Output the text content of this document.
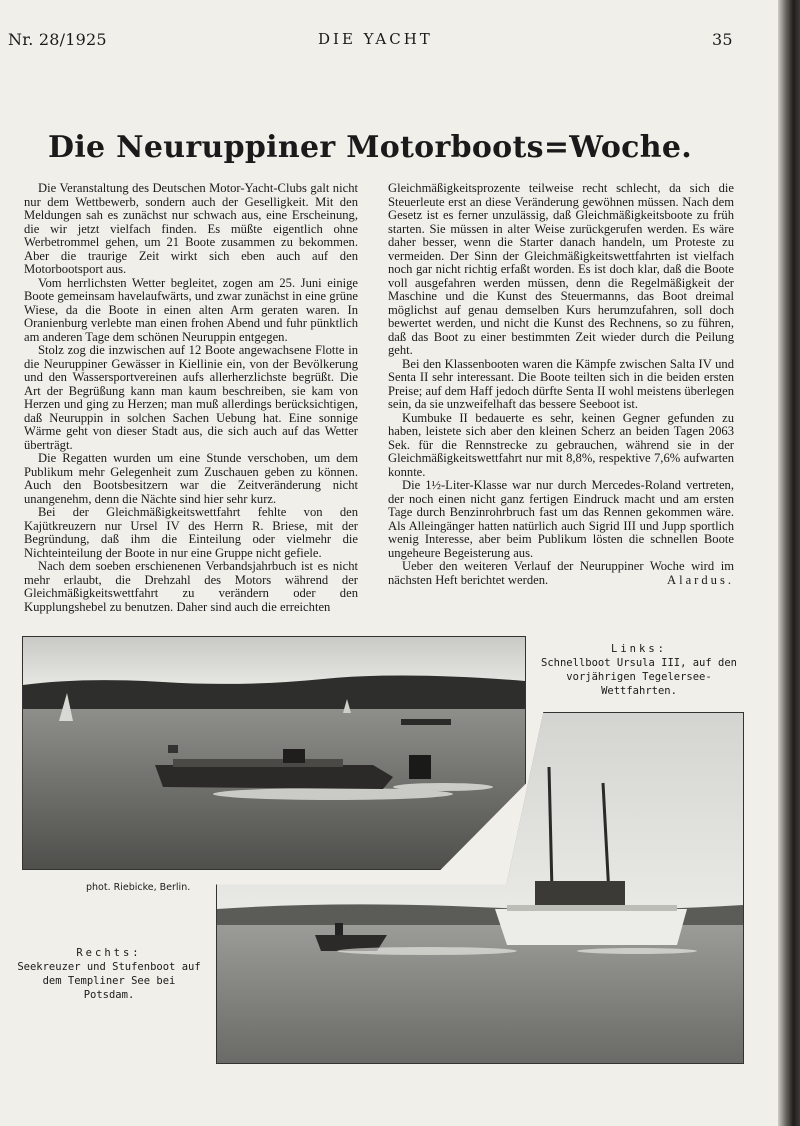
Nr. 28/1925	DIE YACHT	35
Die Neuruppiner Motorboots=Woche.

Die Veranstaltung des Deutschen Motor-Yacht-Clubs galt nicht nur dem Wettbewerb, sondern auch der Geselligkeit. Mit den Meldungen sah es zunächst nur schwach aus, eine Erscheinung, die wir jetzt vielfach finden. Es müßte eigentlich ohne Werbetrommel gehen, um 21 Boote zusammen zu bekommen. Aber die traurige Zeit wirkt sich eben auch auf den Motorbootsport aus.

Vom herrlichsten Wetter begleitet, zogen am 25. Juni einige Boote gemeinsam havelaufwärts, und zwar zunächst in eine grüne Wiese, da die Boote in einen alten Arm geraten waren. In Oranienburg verlebte man einen frohen Abend und fuhr pünktlich am anderen Tage dem schönen Neuruppin entgegen.

Stolz zog die inzwischen auf 12 Boote angewachsene Flotte in die Neuruppiner Gewässer in Kiellinie ein, von der Bevölkerung und den Wassersportvereinen aufs allerherzlichste begrüßt. Die Art der Begrüßung kann man kaum beschreiben, sie kam von Herzen und ging zu Herzen; man muß allerdings berücksichtigen, daß Neuruppin in solchen Sachen Uebung hat. Eine sonnige Wärme geht von dieser Stadt aus, die sich auch auf das Wetter überträgt.

Die Regatten wurden um eine Stunde verschoben, um dem Publikum mehr Gelegenheit zum Zuschauen geben zu können. Auch den Bootsbesitzern war die Zeitveränderung nicht unangenehm, denn die Nächte sind hier sehr kurz.

Bei der Gleichmäßigkeitswettfahrt fehlte von den Kajütkreuzern nur Ursel IV des Herrn R. Briese, mit der Begründung, daß ihm die Einteilung oder vielmehr die Nichteinteilung der Boote in nur eine Gruppe nicht gefiele.

Nach dem soeben erschienenen Verbandsjahrbuch ist es nicht mehr erlaubt, die Drehzahl des Motors während der Gleichmäßigkeitswettfahrt zu verändern oder den Kupplungshebel zu benutzen. Daher sind auch die erreichten

Gleichmäßigkeitsprozente teilweise recht schlecht, da sich die Steuerleute erst an diese Veränderung gewöhnen müssen. Nach dem Gesetz ist es ferner unzulässig, daß Gleichmäßigkeitsboote zu früh starten. Sie müssen in alter Weise zurückgerufen werden. Es wäre daher besser, wenn die Starter danach handeln, um Proteste zu vermeiden. Der Sinn der Gleichmäßigkeitswettfahrten ist vielfach noch gar nicht richtig erfaßt worden. Es ist doch klar, daß die Boote voll ausgefahren werden müssen, denn die Regelmäßigkeit der Maschine und die Kunst des Steuermanns, das Boot dreimal möglichst auf genau demselben Kurs herumzufahren, soll doch bewertet werden, und nicht die Kunst des Rechnens, so zu führen, daß das Boot zu einer bestimmten Zeit wieder durch die Peilung geht.

Bei den Klassenbooten waren die Kämpfe zwischen Salta IV und Senta II sehr interessant. Die Boote teilten sich in die beiden ersten Preise; auf dem Haff jedoch dürfte Senta II wohl meistens überlegen sein, da sie unzweifelhaft das bessere Seeboot ist.

Kumbuke II bedauerte es sehr, keinen Gegner gefunden zu haben, leistete sich aber den kleinen Scherz an beiden Tagen 2063 Sek. für die Rennstrecke zu gebrauchen, während sie in der Gleichmäßigkeitswettfahrt nur mit 8,8%, respektive 7,6% aufwarten konnte.

Die 1½-Liter-Klasse war nur durch Mercedes-Roland vertreten, der noch einen nicht ganz fertigen Eindruck macht und am ersten Tage durch Benzinrohrbruch fast um das Rennen gekommen wäre. Als Alleingänger hatten natürlich auch Sigrid III und Jupp sportlich wenig Interesse, aber beim Publikum lösten die schnellen Boote ungeheure Begeisterung aus.

Ueber den weiteren Verlauf der Neuruppiner Woche wird im nächsten Heft berichtet werden.	Alardus.

Links:
Schnellboot Ursula III, auf den vorjährigen Tegelersee-Wettfahrten.
phot. Riebicke, Berlin.
Rechts:
Seekreuzer und Stufenboot auf dem Templiner See bei Potsdam.
